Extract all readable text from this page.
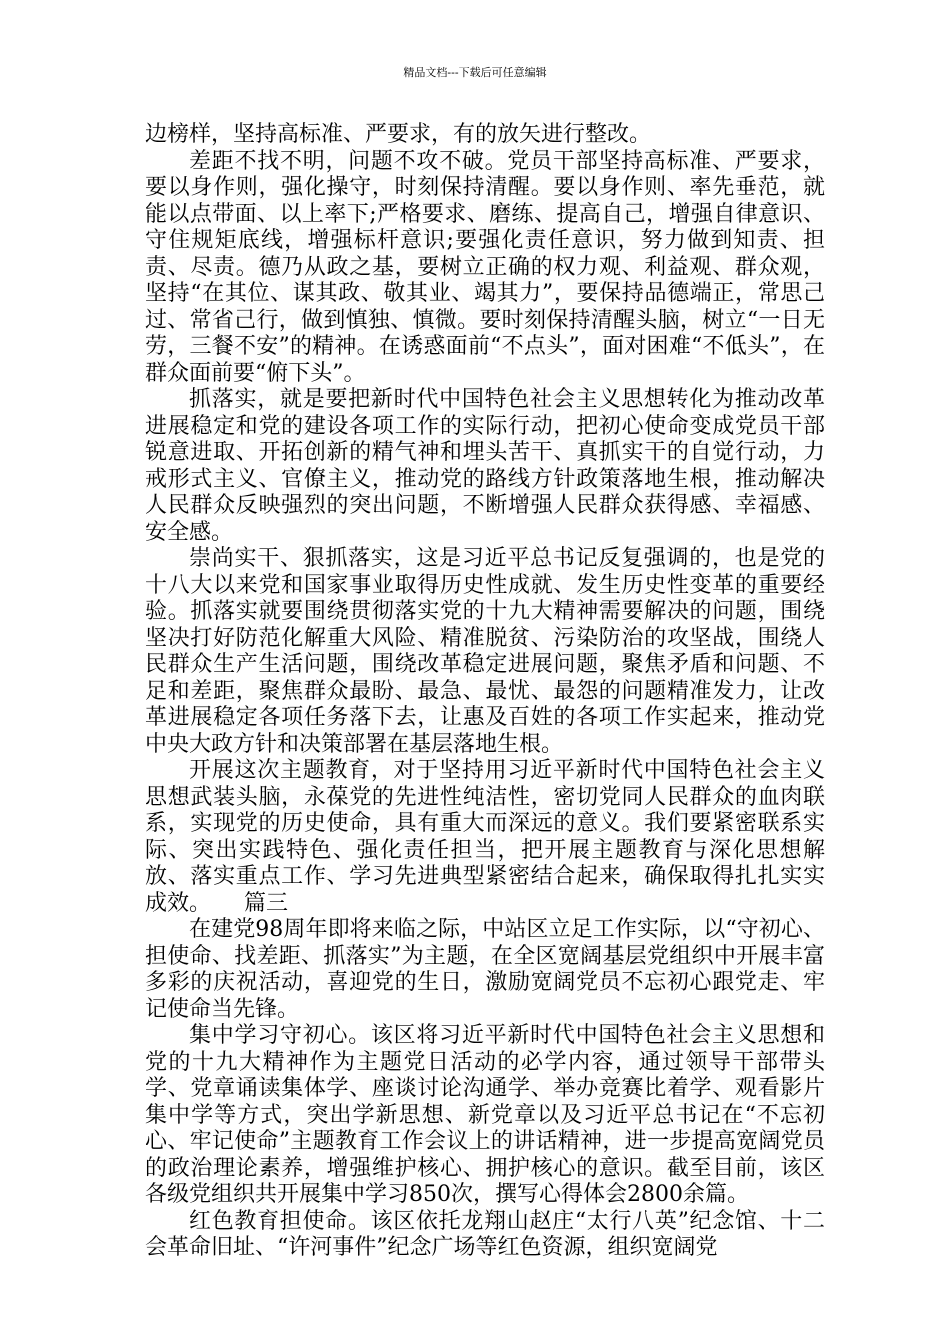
精品文档---下载后可任意编辑

边榜样，坚持高标准、严要求，有的放矢进行整改。

差距不找不明，问题不攻不破。党员干部坚持高标准、严要求，要以身作则，强化操守，时刻保持清醒。要以身作则、率先垂范，就能以点带面、以上率下;严格要求、磨练、提高自己，增强自律意识、守住规矩底线，增强标杆意识;要强化责任意识，努力做到知责、担责、尽责。德乃从政之基，要树立正确的权力观、利益观、群众观，坚持“在其位、谋其政、敬其业、竭其力”，要保持品德端正，常思己过、常省己行，做到慎独、慎微。要时刻保持清醒头脑，树立“一日无劳，三餐不安”的精神。在诱惑面前“不点头”，面对困难“不低头”，在群众面前要“俯下头”。

抓落实，就是要把新时代中国特色社会主义思想转化为推动改革进展稳定和党的建设各项工作的实际行动，把初心使命变成党员干部锐意进取、开拓创新的精气神和埋头苦干、真抓实干的自觉行动，力戒形式主义、官僚主义，推动党的路线方针政策落地生根，推动解决人民群众反映强烈的突出问题，不断增强人民群众获得感、幸福感、安全感。

崇尚实干、狠抓落实，这是习近平总书记反复强调的，也是党的十八大以来党和国家事业取得历史性成就、发生历史性变革的重要经验。抓落实就要围绕贯彻落实党的十九大精神需要解决的问题，围绕坚决打好防范化解重大风险、精准脱贫、污染防治的攻坚战，围绕人民群众生产生活问题，围绕改革稳定进展问题，聚焦矛盾和问题、不足和差距，聚焦群众最盼、最急、最忧、最怨的问题精准发力，让改革进展稳定各项任务落下去，让惠及百姓的各项工作实起来，推动党中央大政方针和决策部署在基层落地生根。

开展这次主题教育，对于坚持用习近平新时代中国特色社会主义思想武装头脑，永葆党的先进性纯洁性，密切党同人民群众的血肉联系，实现党的历史使命，具有重大而深远的意义。我们要紧密联系实际、突出实践特色、强化责任担当，把开展主题教育与深化思想解放、落实重点工作、学习先进典型紧密结合起来，确保取得扎扎实实成效。　　篇三

在建党98周年即将来临之际，中站区立足工作实际，以“守初心、担使命、找差距、抓落实”为主题，在全区宽阔基层党组织中开展丰富多彩的庆祝活动，喜迎党的生日，激励宽阔党员不忘初心跟党走、牢记使命当先锋。

集中学习守初心。该区将习近平新时代中国特色社会主义思想和党的十九大精神作为主题党日活动的必学内容，通过领导干部带头学、党章诵读集体学、座谈讨论沟通学、举办竞赛比着学、观看影片集中学等方式，突出学新思想、新党章以及习近平总书记在“不忘初心、牢记使命”主题教育工作会议上的讲话精神，进一步提高宽阔党员的政治理论素养，增强维护核心、拥护核心的意识。截至目前，该区各级党组织共开展集中学习850次，撰写心得体会2800余篇。

红色教育担使命。该区依托龙翔山赵庄“太行八英”纪念馆、十二会革命旧址、“许河事件”纪念广场等红色资源，组织宽阔党
